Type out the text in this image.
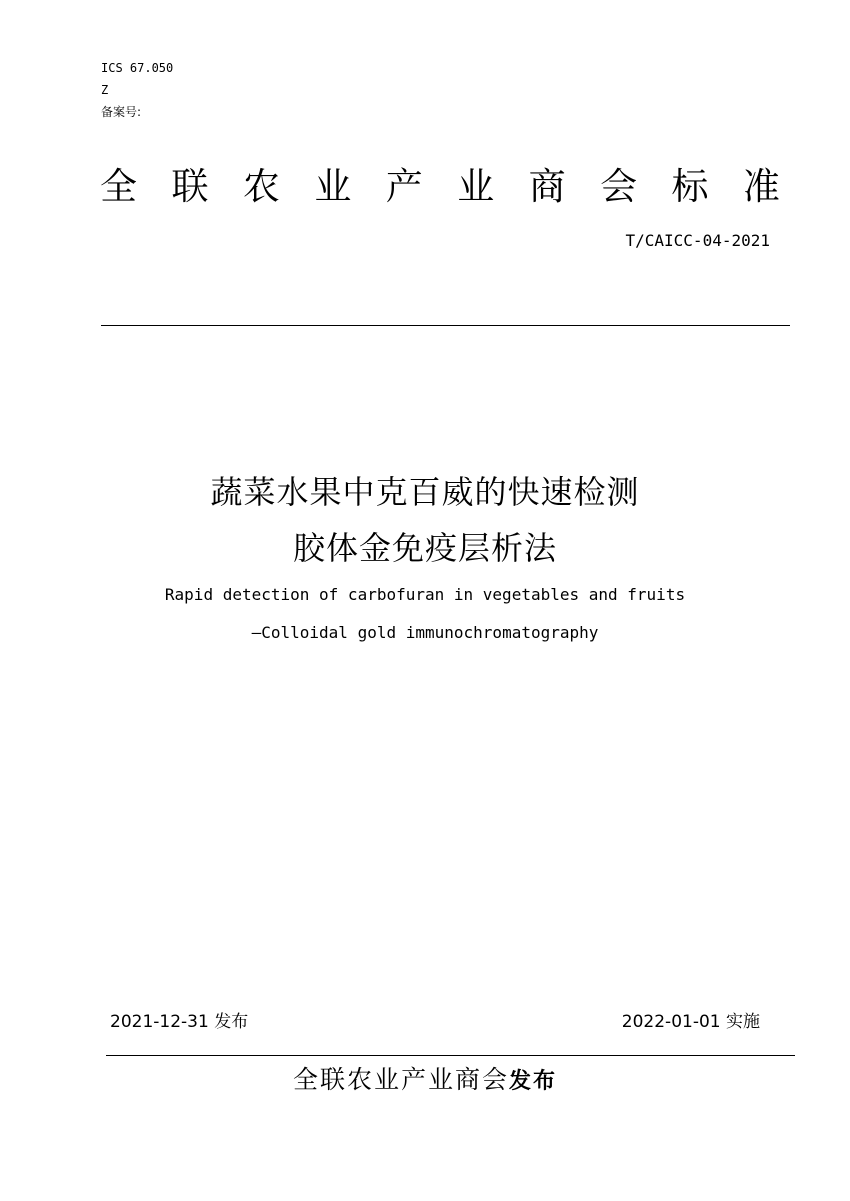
ICS 67.050
Z
备案号:
全 联 农 业 产 业 商 会 标 准
T/CAICC-04-2021
蔬菜水果中克百威的快速检测
胶体金免疫层析法
Rapid detection of carbofuran in vegetables and fruits
—Colloidal gold immunochromatography
2021-12-31 发布	2022-01-01 实施
全联农业产业商会发布
